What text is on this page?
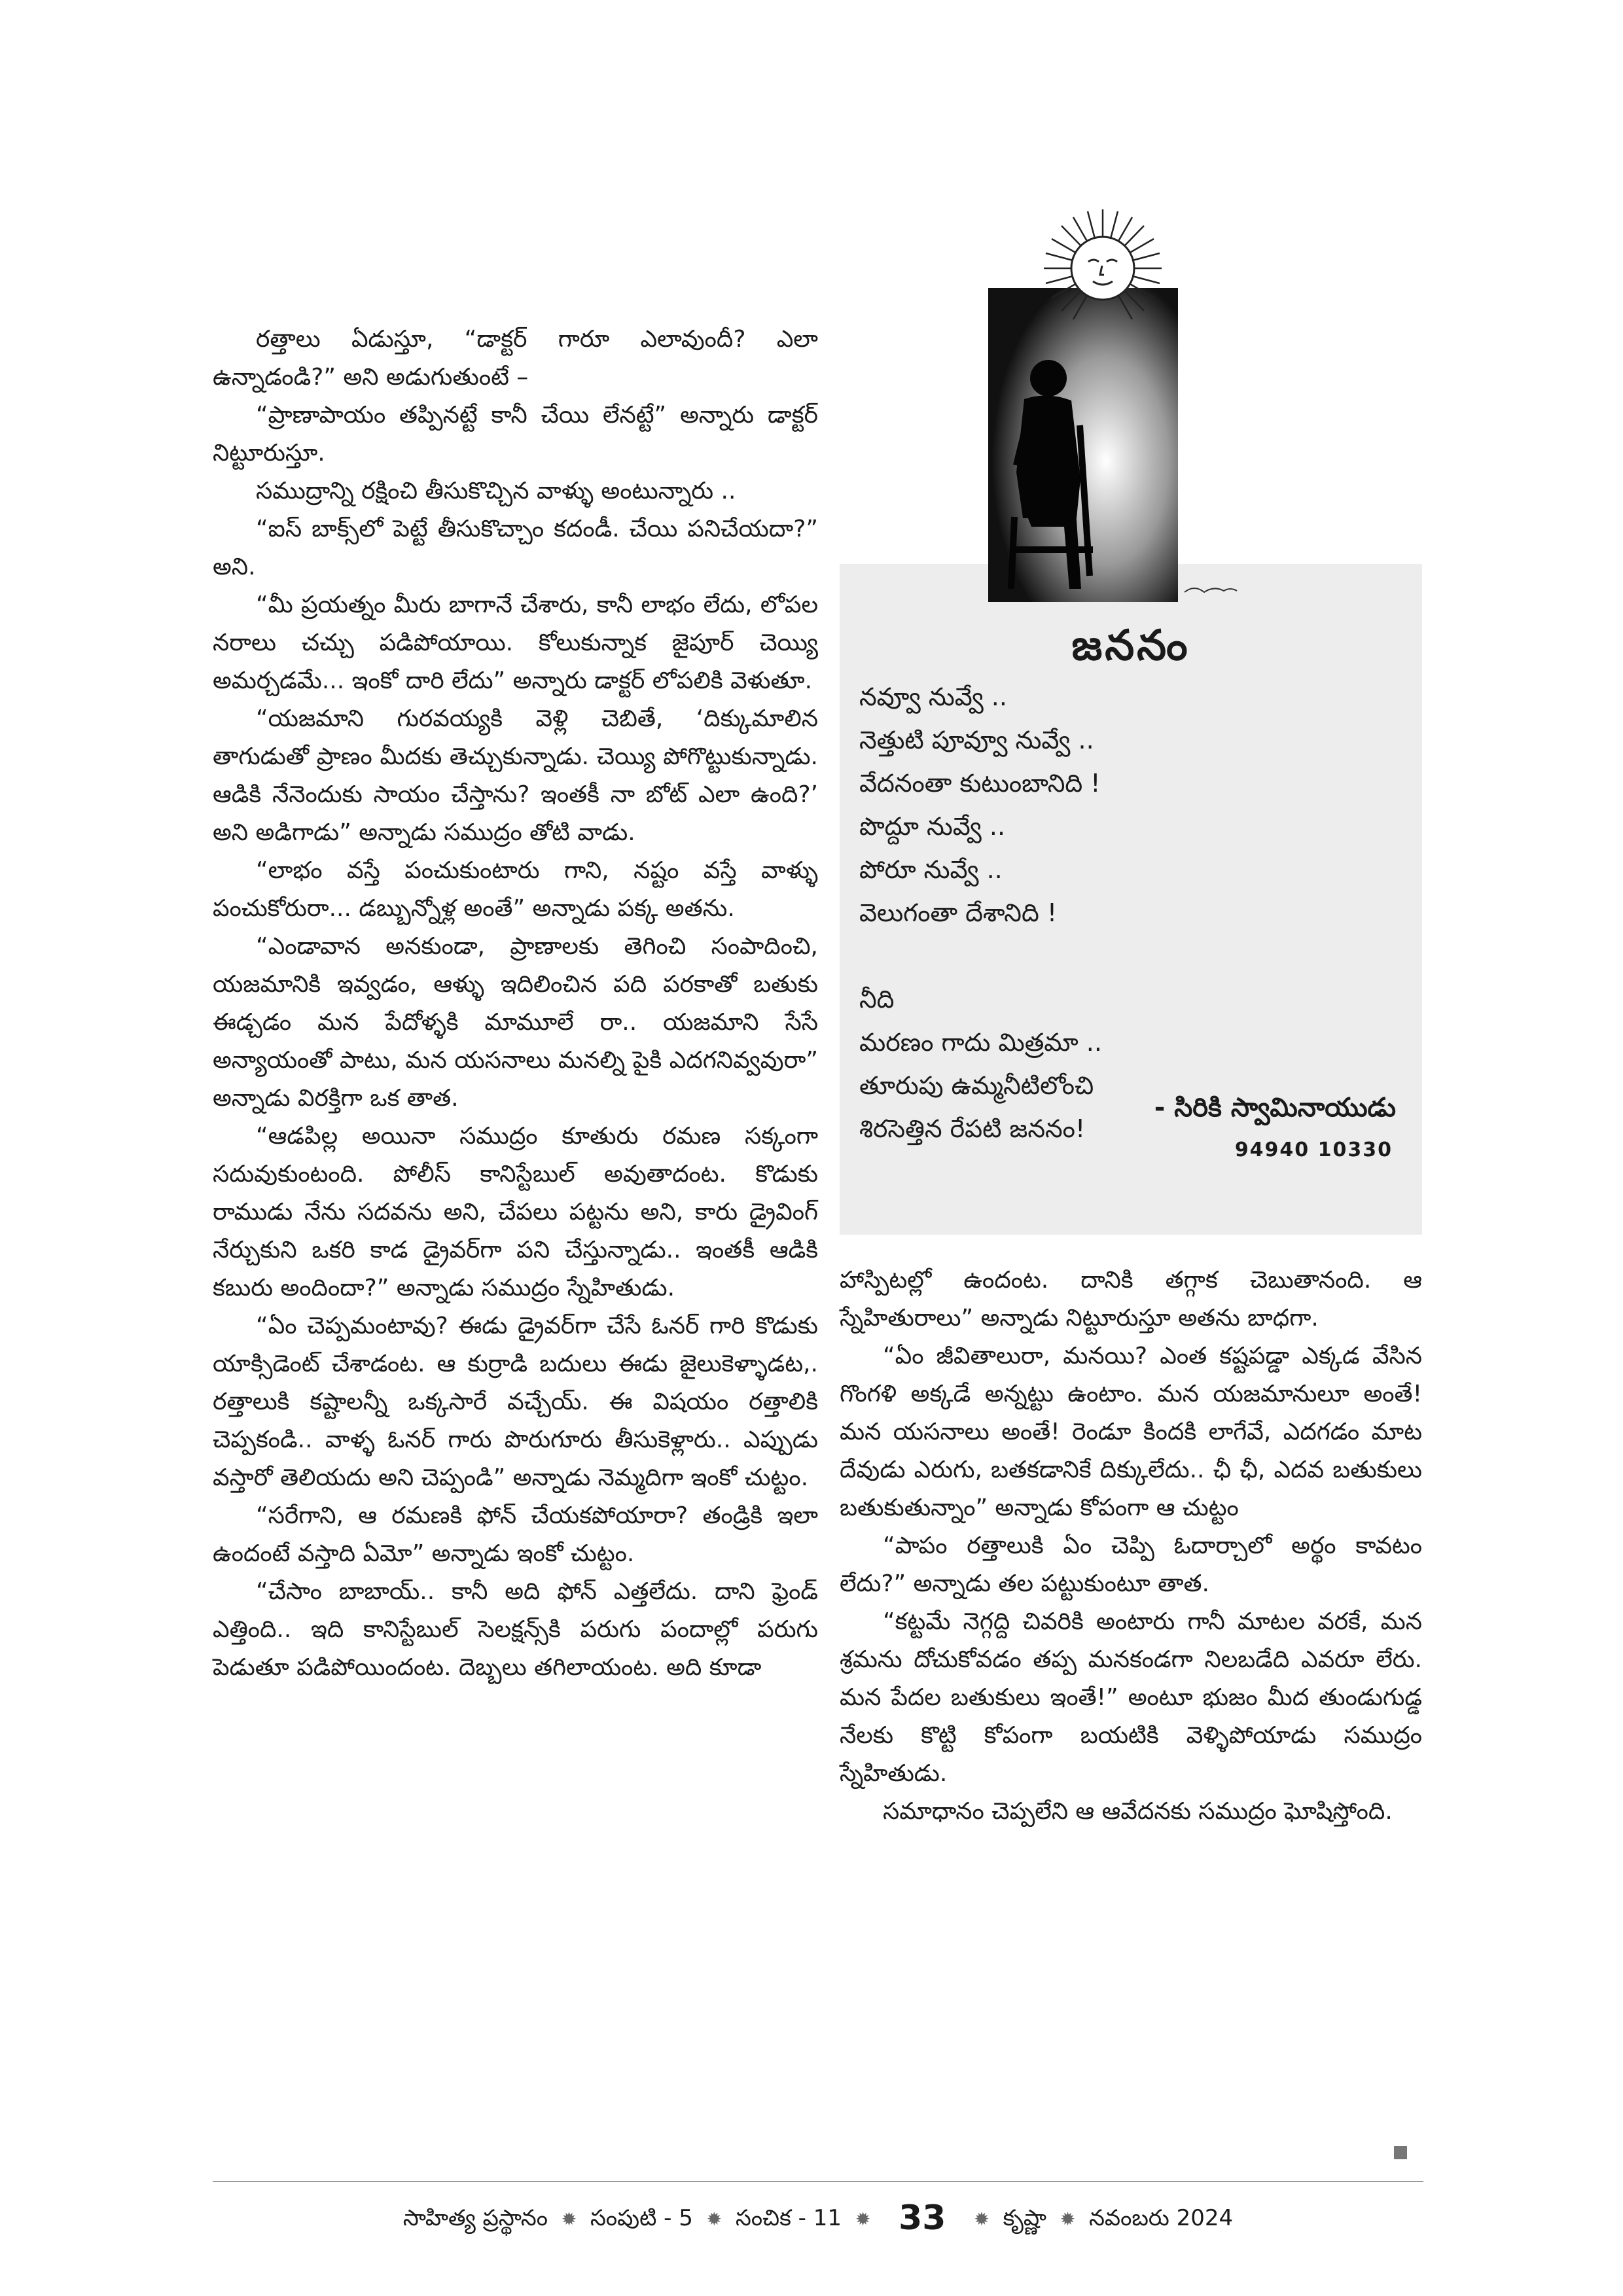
రత్తాలు ఏడుస్తూ, “డాక్టర్ గారూ ఎలావుందీ? ఎలా ఉన్నాడండి?” అని అడుగుతుంటే –

“ప్రాణాపాయం తప్పినట్టే కానీ చేయి లేనట్టే” అన్నారు డాక్టర్ నిట్టూరుస్తూ.

సముద్రాన్ని రక్షించి తీసుకొచ్చిన వాళ్ళు అంటున్నారు ..

“ఐస్ బాక్స్‌లో పెట్టే తీసుకొచ్చాం కదండీ. చేయి పనిచేయదా?” అని.

“మీ ప్రయత్నం మీరు బాగానే చేశారు, కానీ లాభం లేదు, లోపల నరాలు చచ్చు పడిపోయాయి. కోలుకున్నాక జైపూర్ చెయ్యి అమర్చడమే... ఇంకో దారి లేదు” అన్నారు డాక్టర్ లోపలికి వెళుతూ.

“యజమాని గురవయ్యకి వెళ్లి చెబితే, ‘దిక్కుమాలిన తాగుడుతో ప్రాణం మీదకు తెచ్చుకున్నాడు. చెయ్యి పోగొట్టుకున్నాడు. ఆడికి నేనెందుకు సాయం చేస్తాను? ఇంతకీ నా బోట్ ఎలా ఉంది?’ అని అడిగాడు” అన్నాడు సముద్రం తోటి వాడు.

“లాభం వస్తే పంచుకుంటారు గాని, నష్టం వస్తే వాళ్ళు పంచుకోరురా... డబ్బున్నోళ్ల అంతే” అన్నాడు పక్క అతను.

“ఎండావాన అనకుండా, ప్రాణాలకు తెగించి సంపాదించి, యజమానికి ఇవ్వడం, ఆళ్ళు ఇదిలించిన పది పరకాతో బతుకు ఈడ్చడం మన పేదోళ్ళకి మామూలే రా.. యజమాని సేసే అన్యాయంతో పాటు, మన యసనాలు మనల్ని పైకి ఎదగనివ్వవురా” అన్నాడు విరక్తిగా ఒక తాత.

“ఆడపిల్ల అయినా సముద్రం కూతురు రమణ సక్కంగా సదువుకుంటంది. పోలీస్ కానిస్టేబుల్ అవుతాదంట. కొడుకు రాముడు నేను సదవను అని, చేపలు పట్టను అని, కారు డ్రైవింగ్ నేర్చుకుని ఒకరి కాడ డ్రైవర్‌గా పని చేస్తున్నాడు.. ఇంతకీ ఆడికి కబురు అందిందా?” అన్నాడు సముద్రం స్నేహితుడు.

“ఏం చెప్పమంటావు? ఈడు డ్రైవర్‌గా చేసే ఓనర్ గారి కొడుకు యాక్సిడెంట్ చేశాడంట. ఆ కుర్రాడి బదులు ఈడు జైలుకెళ్ళాడట,. రత్తాలుకి కష్టాలన్నీ ఒక్కసారే వచ్చేయ్. ఈ విషయం రత్తాలికి చెప్పకండి.. వాళ్ళ ఓనర్ గారు పొరుగూరు తీసుకెళ్లారు.. ఎప్పుడు వస్తారో తెలియదు అని చెప్పండి” అన్నాడు నెమ్మదిగా ఇంకో చుట్టం.

“సరేగాని, ఆ రమణకి ఫోన్ చేయకపోయారా? తండ్రికి ఇలా ఉందంటే వస్తాది ఏమో” అన్నాడు ఇంకో చుట్టం.

“చేసాం బాబాయ్.. కానీ అది ఫోన్ ఎత్తలేదు. దాని ఫ్రెండ్ ఎత్తింది.. ఇది కానిస్టేబుల్ సెలక్షన్స్‌కి పరుగు పందాల్లో పరుగు పెడుతూ పడిపోయిందంట. దెబ్బలు తగిలాయంట. అది కూడా

జననం
నవ్వూ నువ్వే ..
నెత్తుటి పూవ్వూ నువ్వే ..
వేదనంతా కుటుంబానిది !
పొద్దూ నువ్వే ..
పోరూ నువ్వే ..
వెలుగంతా దేశానిది !
నీది
మరణం గాదు మిత్రమా ..
తూరుపు ఉమ్మనీటిలోంచి
శిరసెత్తిన రేపటి జననం!
- సిరికి స్వామినాయుడు
94940 10330

హాస్పిటల్లో ఉందంట. దానికి తగ్గాక చెబుతానంది. ఆ స్నేహితురాలు” అన్నాడు నిట్టూరుస్తూ అతను బాధగా.

“ఏం జీవితాలురా, మనయి? ఎంత కష్టపడ్డా ఎక్కడ వేసిన గొంగళి అక్కడే అన్నట్టు ఉంటాం. మన యజమానులూ అంతే! మన యసనాలు అంతే! రెండూ కిందకి లాగేవే, ఎదగడం మాట దేవుడు ఎరుగు, బతకడానికే దిక్కులేదు.. ఛీ ఛీ, ఎదవ బతుకులు బతుకుతున్నాం” అన్నాడు కోపంగా ఆ చుట్టం

“పాపం రత్తాలుకి ఏం చెప్పి ఓదార్చాలో అర్థం కావటం లేదు?” అన్నాడు తల పట్టుకుంటూ తాత.

“కట్టమే నెగ్గద్ది చివరికి అంటారు గానీ మాటల వరకే, మన శ్రమను దోచుకోవడం తప్ప మనకండగా నిలబడేది ఎవరూ లేరు. మన పేదల బతుకులు ఇంతే!” అంటూ భుజం మీద తుండుగుడ్డ నేలకు కొట్టి కోపంగా బయటికి వెళ్ళిపోయాడు సముద్రం స్నేహితుడు.

సమాధానం చెప్పలేని ఆ ఆవేదనకు సముద్రం ఘోషిస్తోంది.

సాహిత్య ప్రస్థానం ✹ సంపుటి - 5 ✹ సంచిక - 11 ✹ 33 ✹ కృష్ణా ✹ నవంబరు 2024
